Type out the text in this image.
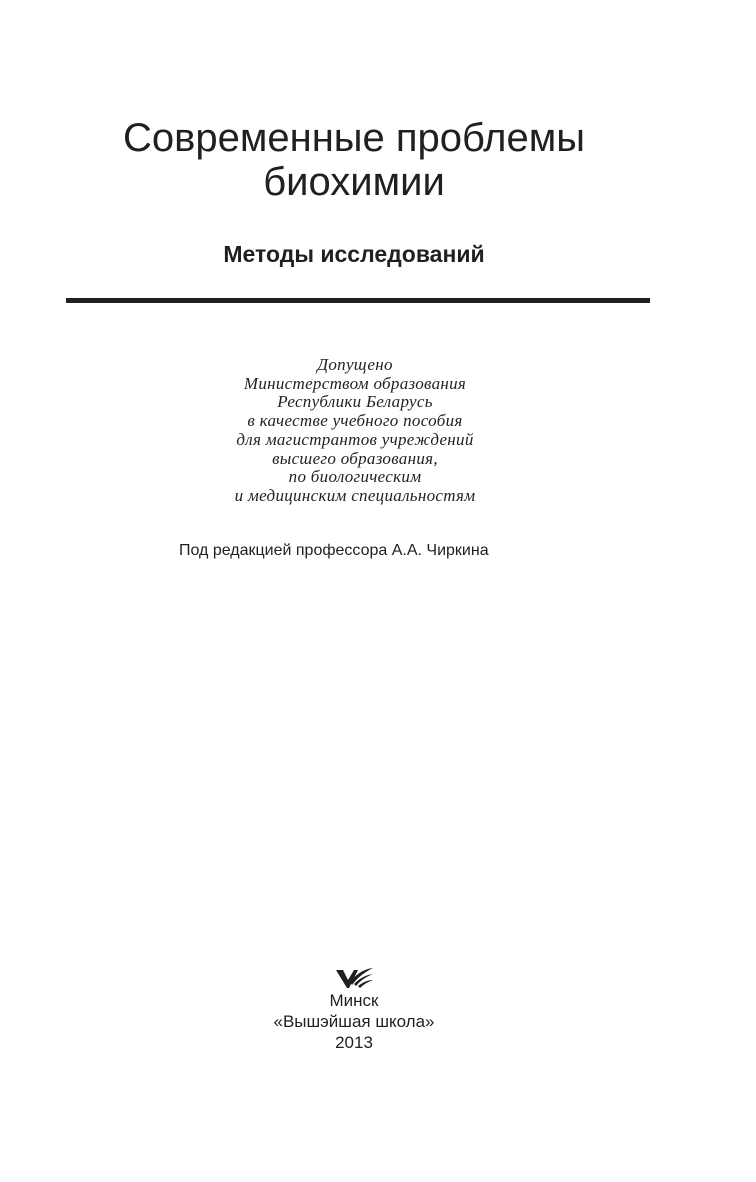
Современные проблемы
биохимии
Методы исследований
Допущено
Министерством образования
Республики Беларусь
в качестве учебного пособия
для магистрантов учреждений
высшего образования,
по биологическим
и медицинским специальностям
Под редакцией профессора А.А. Чиркина
Минск
«Вышэйшая школа»
2013
